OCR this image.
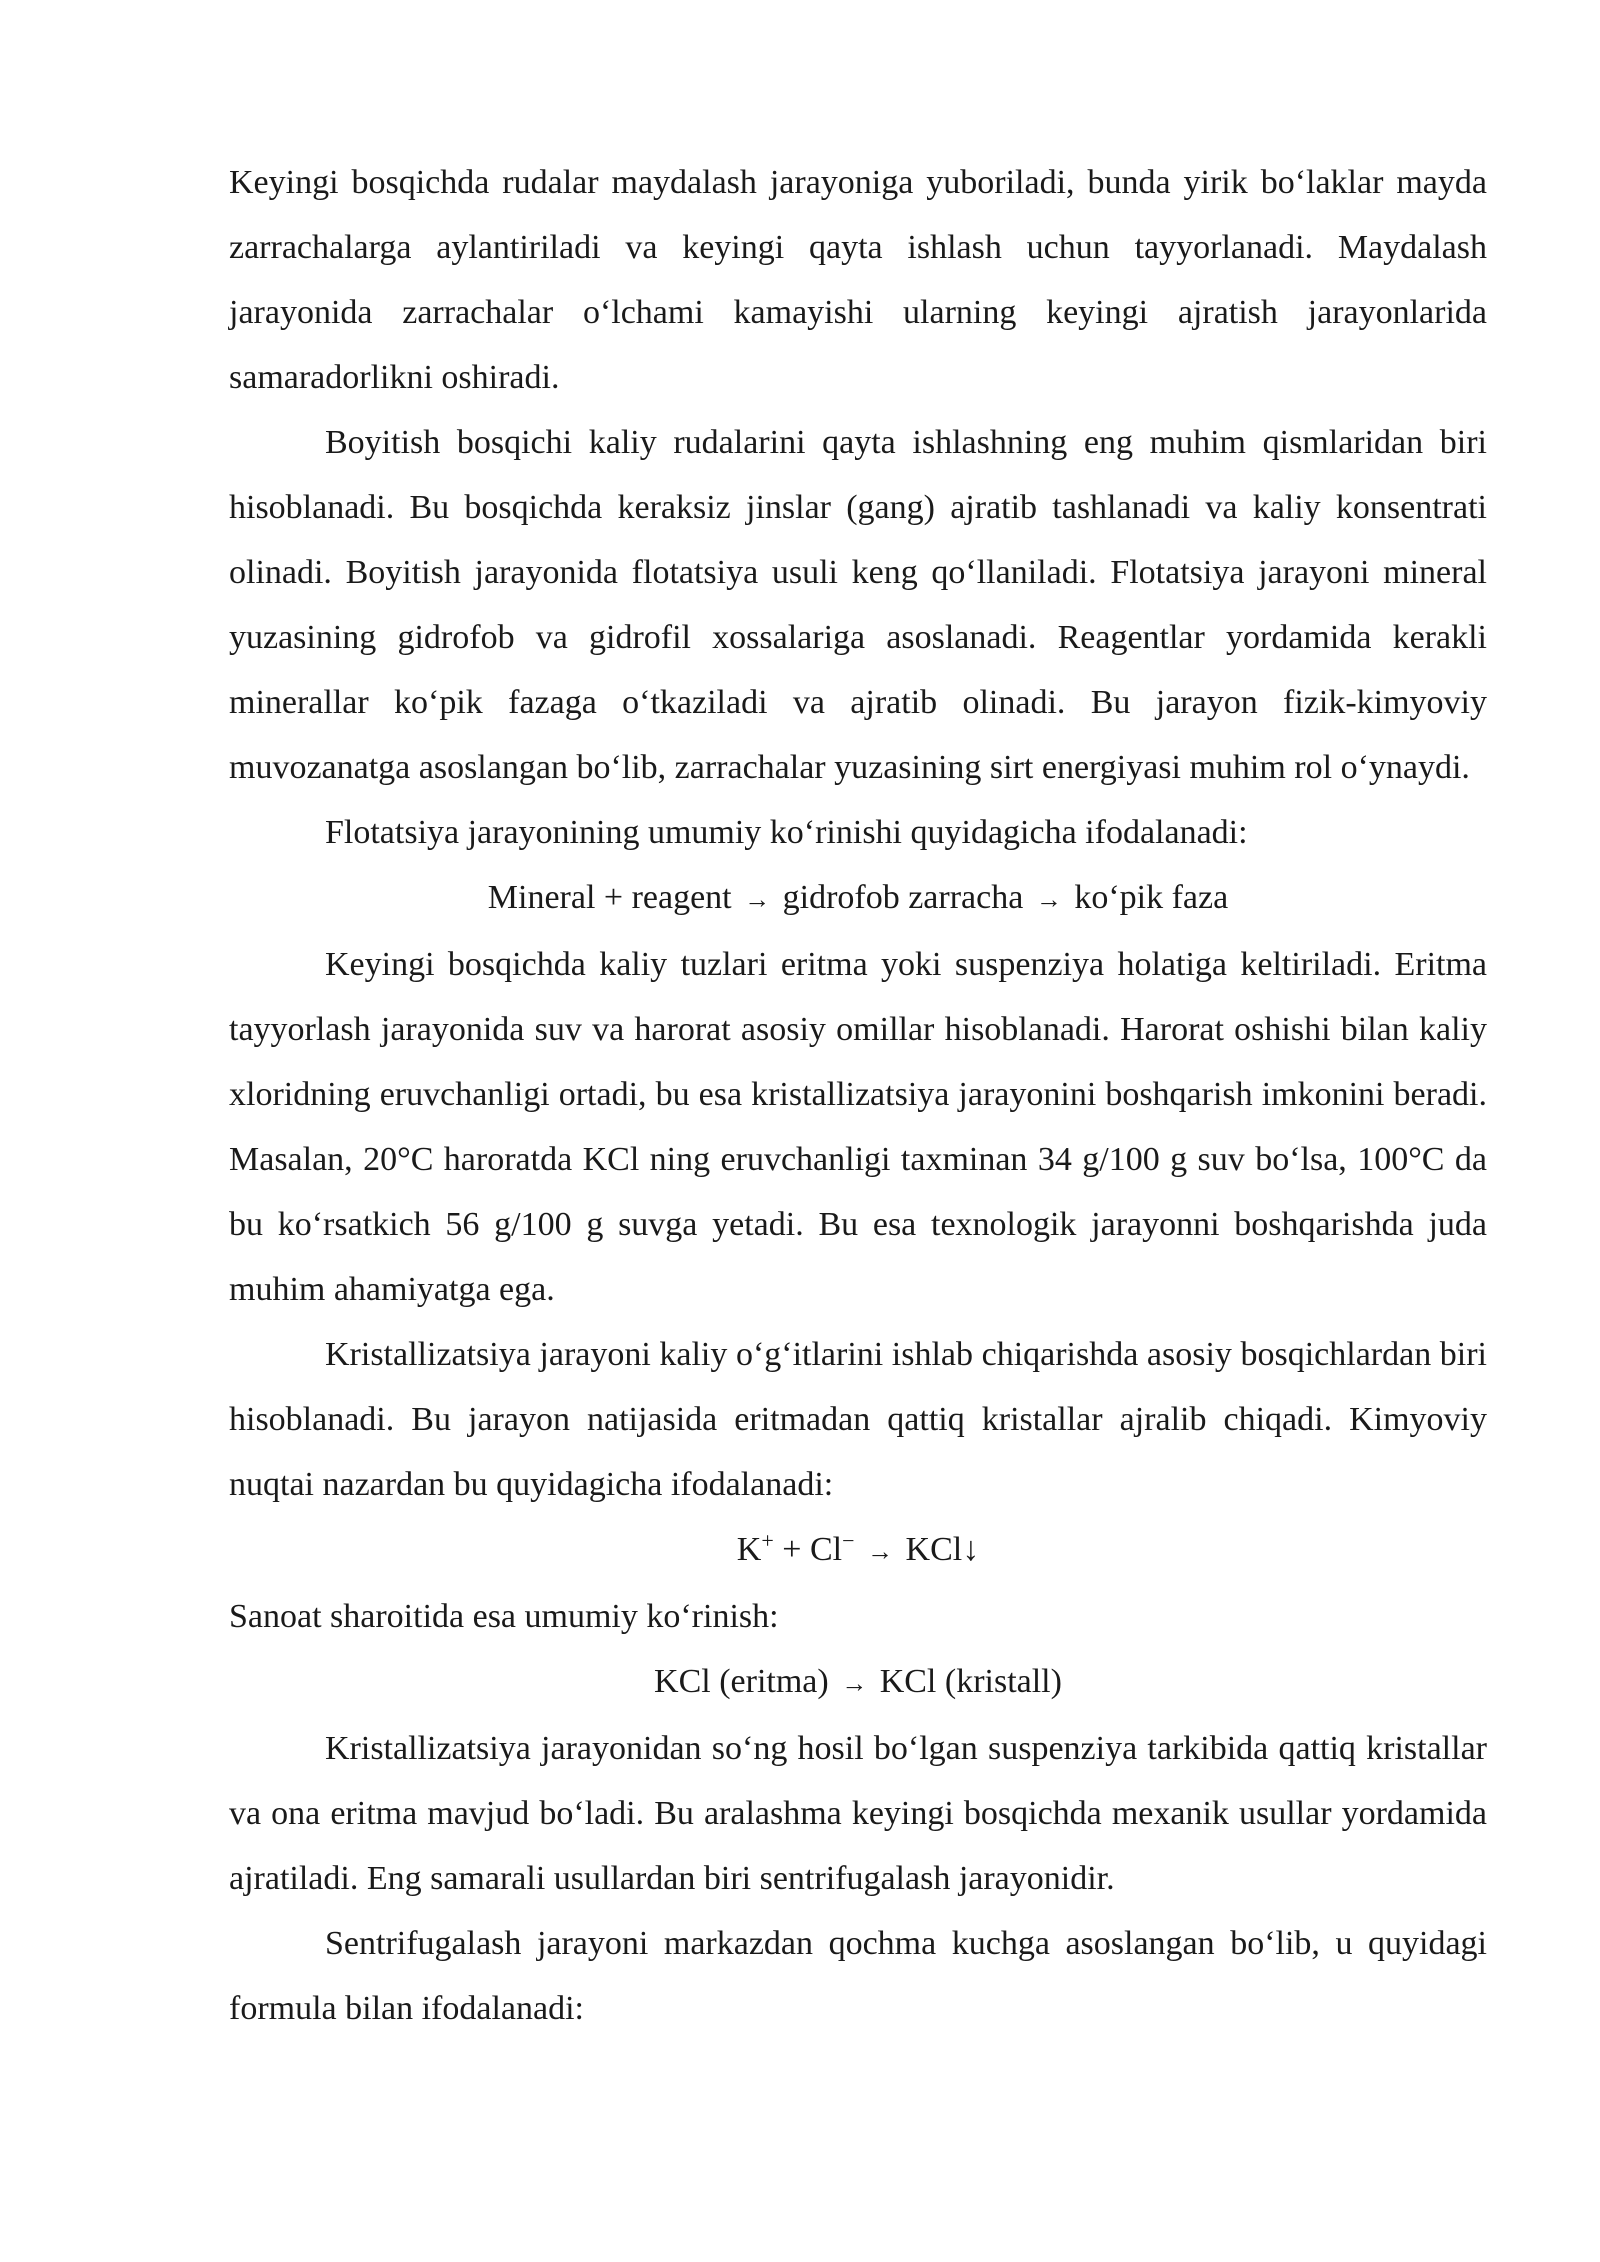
Keyingi bosqichda rudalar maydalash jarayoniga yuboriladi, bunda yirik bo‘laklar mayda zarrachalarga aylantiriladi va keyingi qayta ishlash uchun tayyorlanadi. Maydalash jarayonida zarrachalar o‘lchami kamayishi ularning keyingi ajratish jarayonlarida samaradorlikni oshiradi.

Boyitish bosqichi kaliy rudalarini qayta ishlashning eng muhim qismlaridan biri hisoblanadi. Bu bosqichda keraksiz jinslar (gang) ajratib tashlanadi va kaliy konsentrati olinadi. Boyitish jarayonida flotatsiya usuli keng qo‘llaniladi. Flotatsiya jarayoni mineral yuzasining gidrofob va gidrofil xossalariga asoslanadi. Reagentlar yordamida kerakli minerallar ko‘pik fazaga o‘tkaziladi va ajratib olinadi. Bu jarayon fizik-kimyoviy muvozanatga asoslangan bo‘lib, zarrachalar yuzasining sirt energiyasi muhim rol o‘ynaydi.

Flotatsiya jarayonining umumiy ko‘rinishi quyidagicha ifodalanadi:

Mineral + reagent → gidrofob zarracha → ko‘pik faza

Keyingi bosqichda kaliy tuzlari eritma yoki suspenziya holatiga keltiriladi. Eritma tayyorlash jarayonida suv va harorat asosiy omillar hisoblanadi. Harorat oshishi bilan kaliy xloridning eruvchanligi ortadi, bu esa kristallizatsiya jarayonini boshqarish imkonini beradi. Masalan, 20°C haroratda KCl ning eruvchanligi taxminan 34 g/100 g suv bo‘lsa, 100°C da bu ko‘rsatkich 56 g/100 g suvga yetadi. Bu esa texnologik jarayonni boshqarishda juda muhim ahamiyatga ega.

Kristallizatsiya jarayoni kaliy o‘g‘itlarini ishlab chiqarishda asosiy bosqichlardan biri hisoblanadi. Bu jarayon natijasida eritmadan qattiq kristallar ajralib chiqadi. Kimyoviy nuqtai nazardan bu quyidagicha ifodalanadi:

K+ + Cl− → KCl↓

Sanoat sharoitida esa umumiy ko‘rinish:

KCl (eritma) → KCl (kristall)

Kristallizatsiya jarayonidan so‘ng hosil bo‘lgan suspenziya tarkibida qattiq kristallar va ona eritma mavjud bo‘ladi. Bu aralashma keyingi bosqichda mexanik usullar yordamida ajratiladi. Eng samarali usullardan biri sentrifugalash jarayonidir.

Sentrifugalash jarayoni markazdan qochma kuchga asoslangan bo‘lib, u quyidagi formula bilan ifodalanadi:
